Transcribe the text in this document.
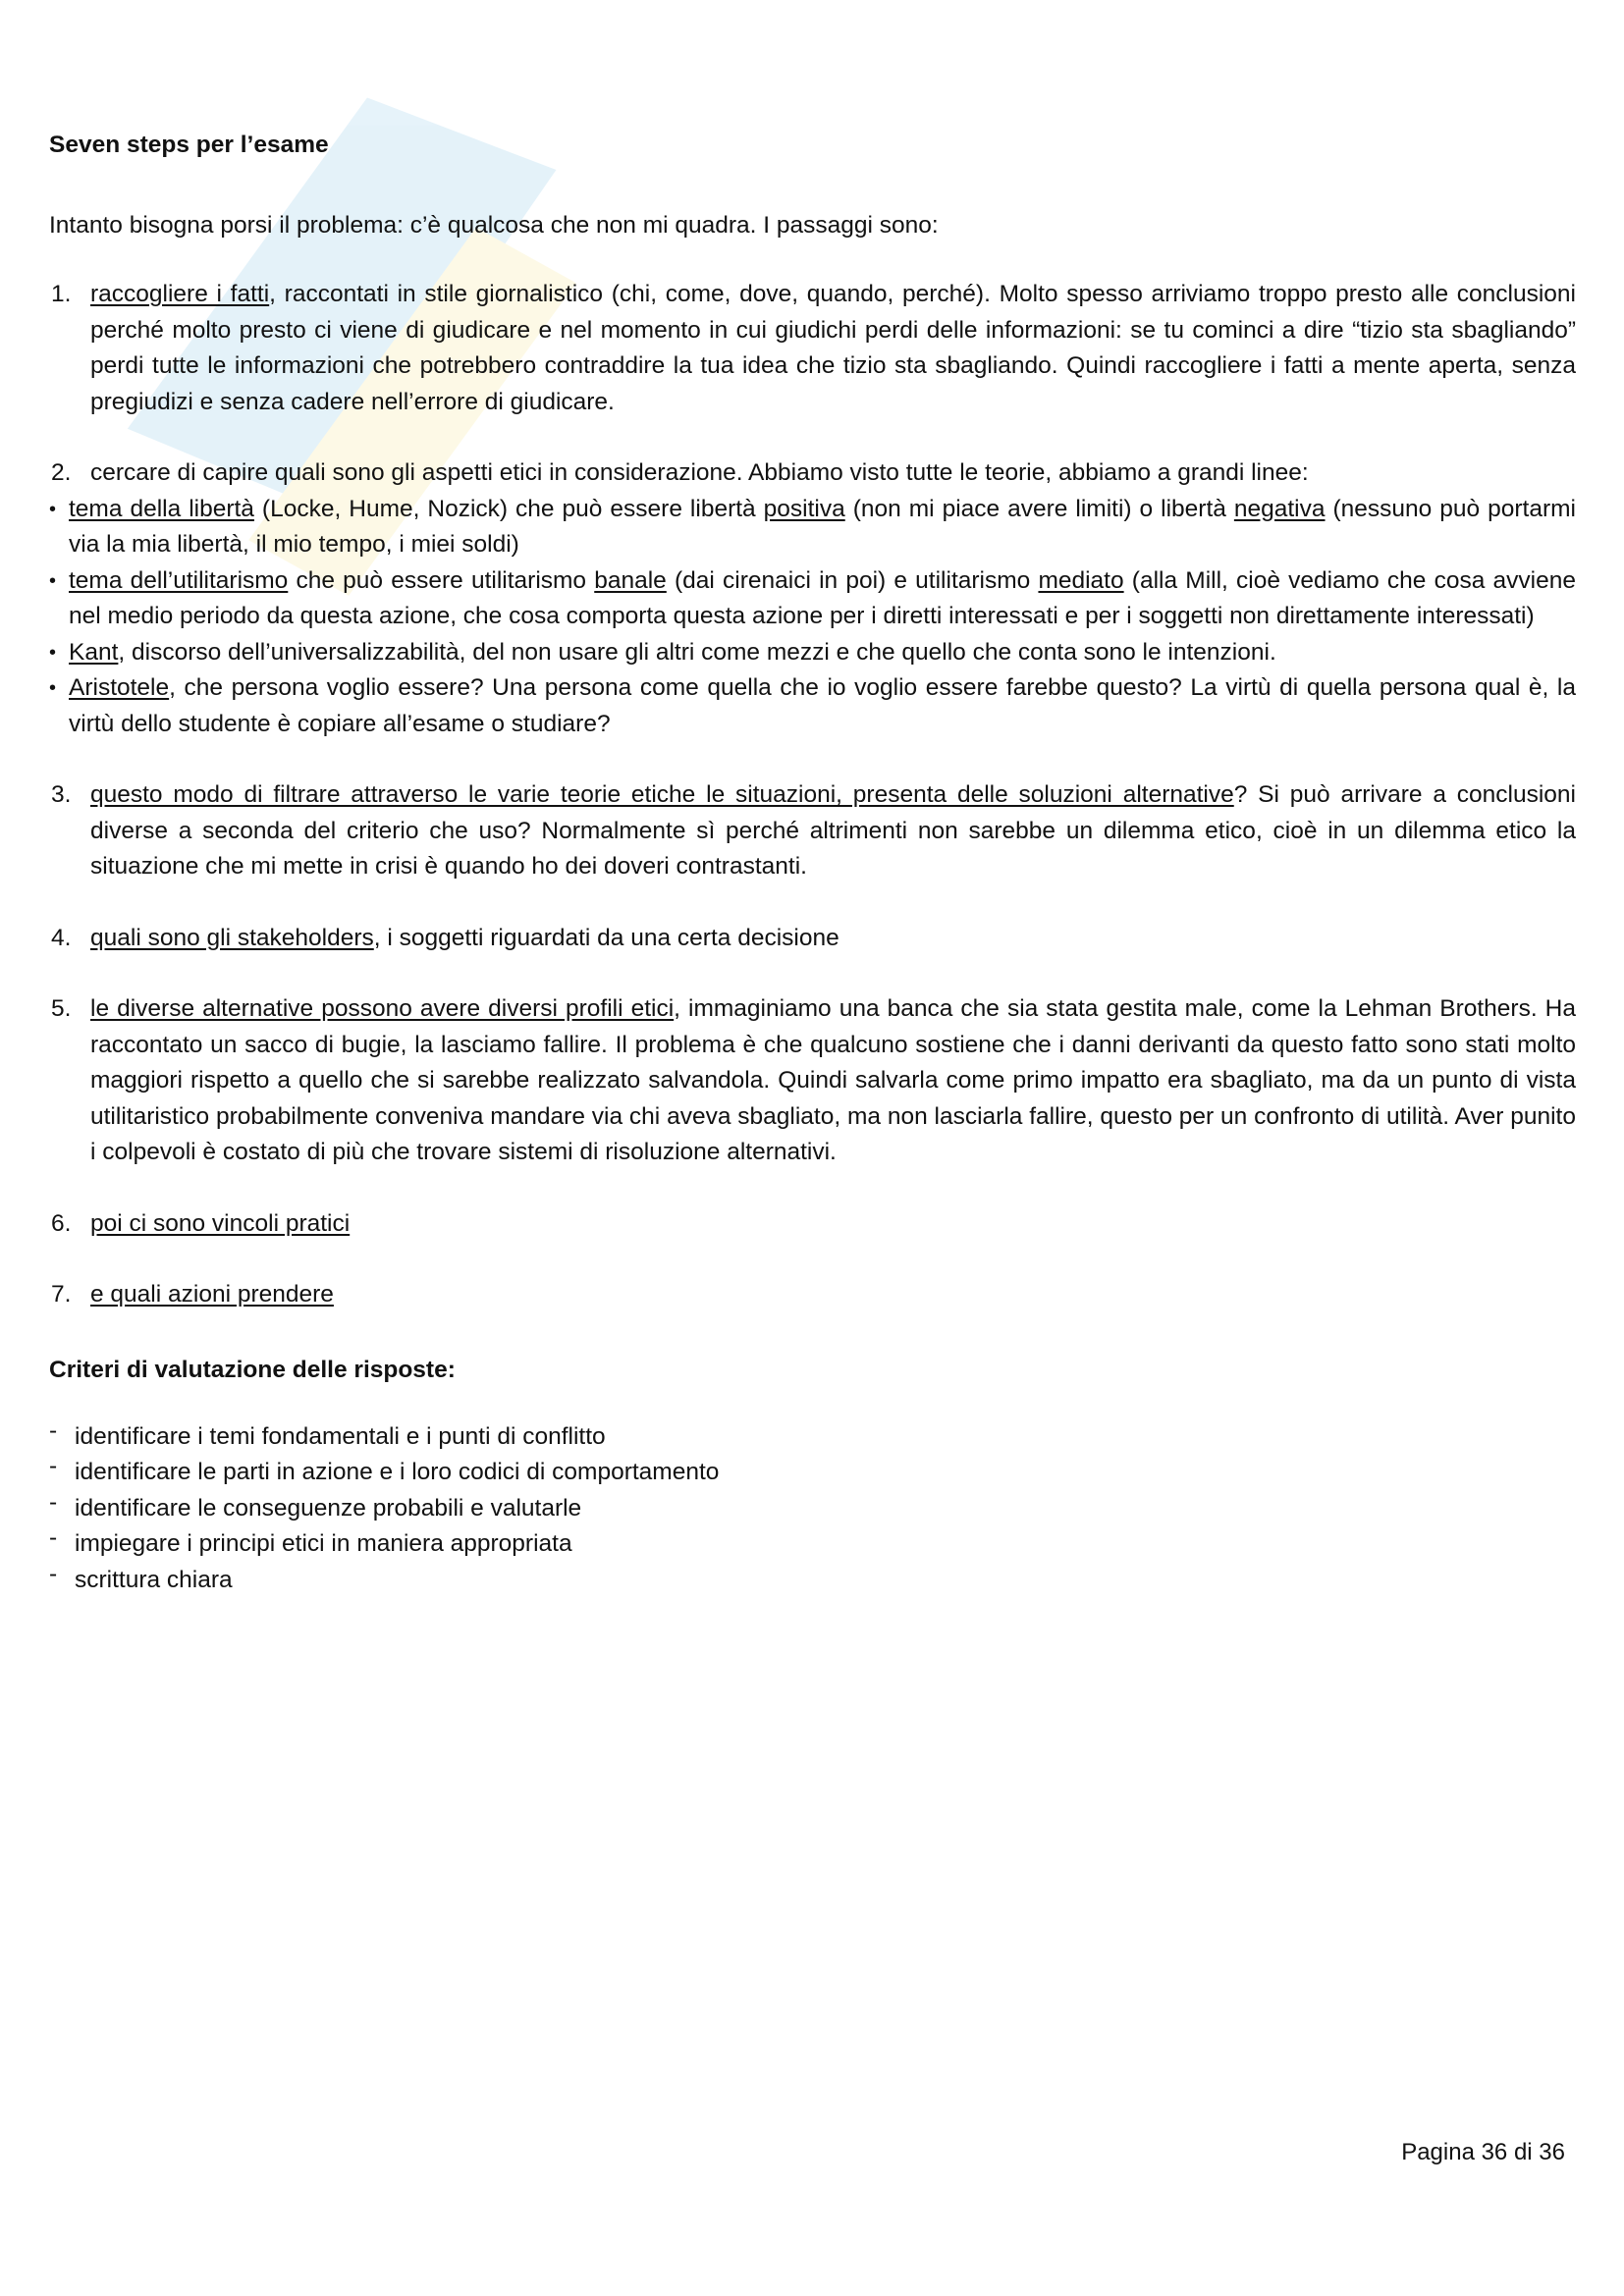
Seven steps per l’esame
Intanto bisogna porsi il problema: c’è qualcosa che non mi quadra. I passaggi sono:
1. raccogliere i fatti, raccontati in stile giornalistico (chi, come, dove, quando, perché). Molto spesso arriviamo troppo presto alle conclusioni perché molto presto ci viene di giudicare e nel momento in cui giudichi perdi delle informazioni: se tu cominci a dire “tizio sta sbagliando” perdi tutte le informazioni che potrebbero contraddire la tua idea che tizio sta sbagliando. Quindi raccogliere i fatti a mente aperta, senza pregiudizi e senza cadere nell’errore di giudicare.
2. cercare di capire quali sono gli aspetti etici in considerazione. Abbiamo visto tutte le teorie, abbiamo a grandi linee:
• tema della libertà (Locke, Hume, Nozick) che può essere libertà positiva (non mi piace avere limiti) o libertà negativa (nessuno può portarmi via la mia libertà, il mio tempo, i miei soldi)
• tema dell’utilitarismo che può essere utilitarismo banale (dai cirenaici in poi) e utilitarismo mediato (alla Mill, cioè vediamo che cosa avviene nel medio periodo da questa azione, che cosa comporta questa azione per i diretti interessati e per i soggetti non direttamente interessati)
• Kant, discorso dell’universalizzabilità, del non usare gli altri come mezzi e che quello che conta sono le intenzioni.
• Aristotele, che persona voglio essere? Una persona come quella che io voglio essere farebbe questo? La virtù di quella persona qual è, la virtù dello studente è copiare all’esame o studiare?
3. questo modo di filtrare attraverso le varie teorie etiche le situazioni, presenta delle soluzioni alternative? Si può arrivare a conclusioni diverse a seconda del criterio che uso? Normalmente sì perché altrimenti non sarebbe un dilemma etico, cioè in un dilemma etico la situazione che mi mette in crisi è quando ho dei doveri contrastanti.
4. quali sono gli stakeholders, i soggetti riguardati da una certa decisione
5. le diverse alternative possono avere diversi profili etici, immaginiamo una banca che sia stata gestita male, come la Lehman Brothers. Ha raccontato un sacco di bugie, la lasciamo fallire. Il problema è che qualcuno sostiene che i danni derivanti da questo fatto sono stati molto maggiori rispetto a quello che si sarebbe realizzato salvandola. Quindi salvarla come primo impatto era sbagliato, ma da un punto di vista utilitaristico probabilmente conveniva mandare via chi aveva sbagliato, ma non lasciarla fallire, questo per un confronto di utilità. Aver punito i colpevoli è costato di più che trovare sistemi di risoluzione alternativi.
6. poi ci sono vincoli pratici
7. e quali azioni prendere
Criteri di valutazione delle risposte:
- identificare i temi fondamentali e i punti di conflitto
- identificare le parti in azione e i loro codici di comportamento
- identificare le conseguenze probabili e valutarle
- impiegare i principi etici in maniera appropriata
- scrittura chiara
Pagina 36 di 36
